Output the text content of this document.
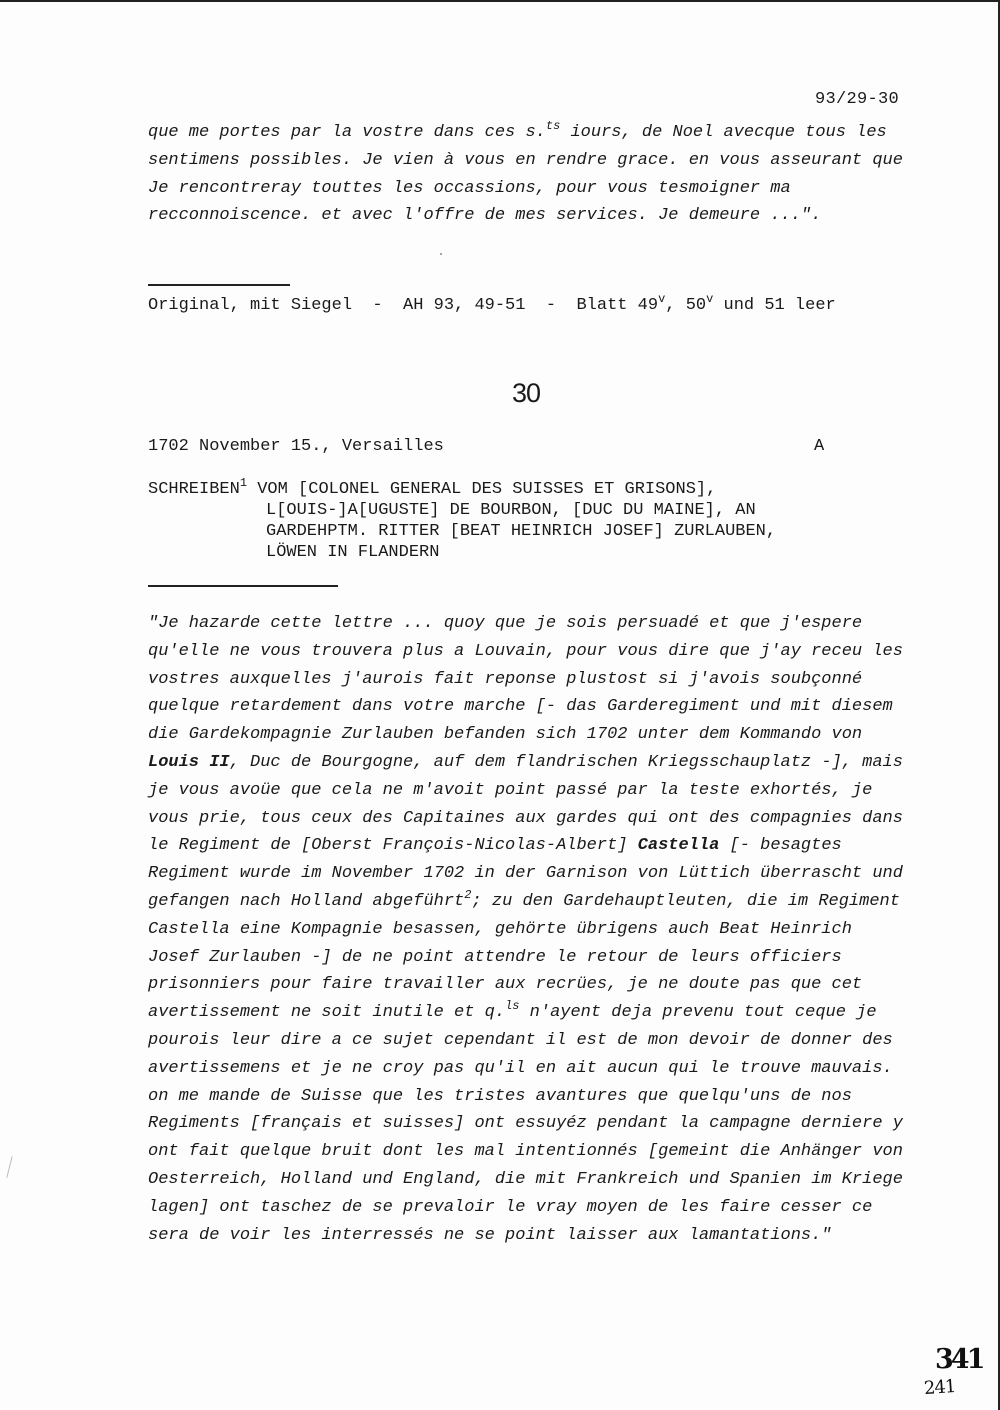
93/29-30

que me portes par la vostre dans ces s.$^{ts}$ iours, de Noel avecque tous les sentimens possibles. Je vien à vous en rendre grace. en vous asseurant que Je rencontreray touttes les occassions, pour vous tesmoigner ma recconnoiscence. et avec l'offre de mes services. Je demeure ...".

Original, mit Siegel  -  AH 93, 49-51  -  Blatt 49$^v$, 50$^v$ und 51 leer
30
1702 November 15., Versailles	A
SCHREIBEN$^1$ VOM [COLONEL GENERAL DES SUISSES ET GRISONS],
L[OUIS-]A[UGUSTE] DE BOURBON, [DUC DU MAINE], AN
GARDEHPTM. RITTER [BEAT HEINRICH JOSEF] ZURLAUBEN,
LÖWEN IN FLANDERN

"Je hazarde cette lettre ... quoy que je sois persuadé et que j'espere qu'elle ne vous trouvera plus a Louvain, pour vous dire que j'ay receu les vostres auxquelles j'aurois fait reponse plustost si j'avois soubçonné quelque retardement dans votre marche [- das Garderegiment und mit diesem die Gardekompagnie Zurlauben befanden sich 1702 unter dem Kommando von Louis II, Duc de Bourgogne, auf dem flandrischen Kriegsschauplatz -], mais je vous avoüe que cela ne m'avoit point passé par la teste exhortés, je vous prie, tous ceux des Capitaines aux gardes qui ont des compagnies dans le Regiment de [Oberst François-Nicolas-Albert] Castella [- besagtes Regiment wurde im November 1702 in der Garnison von Lüttich überrascht und gefangen nach Holland abgeführt$^2$; zu den Gardehauptleuten, die im Regiment Castella eine Kompagnie besassen, gehörte übrigens auch Beat Heinrich Josef Zurlauben -] de ne point attendre le retour de leurs officiers prisonniers pour faire travailler aux recrües, je ne doute pas que cet avertissement ne soit inutile et q.$^{ls}$ n'ayent deja prevenu tout ceque je pourois leur dire a ce sujet cependant il est de mon devoir de donner des avertissemens et je ne croy pas qu'il en ait aucun qui le trouve mauvais. on me mande de Suisse que les tristes avantures que quelqu'uns de nos Regiments [français et suisses] ont essuyéz pendant la campagne derniere y ont fait quelque bruit dont les mal intentionnés [gemeint die Anhänger von Oesterreich, Holland und England, die mit Frankreich und Spanien im Kriege lagen] ont taschez de se prevaloir le vray moyen de les faire cesser ce sera de voir les interressés ne se point laisser aux lamantations."

341
241
